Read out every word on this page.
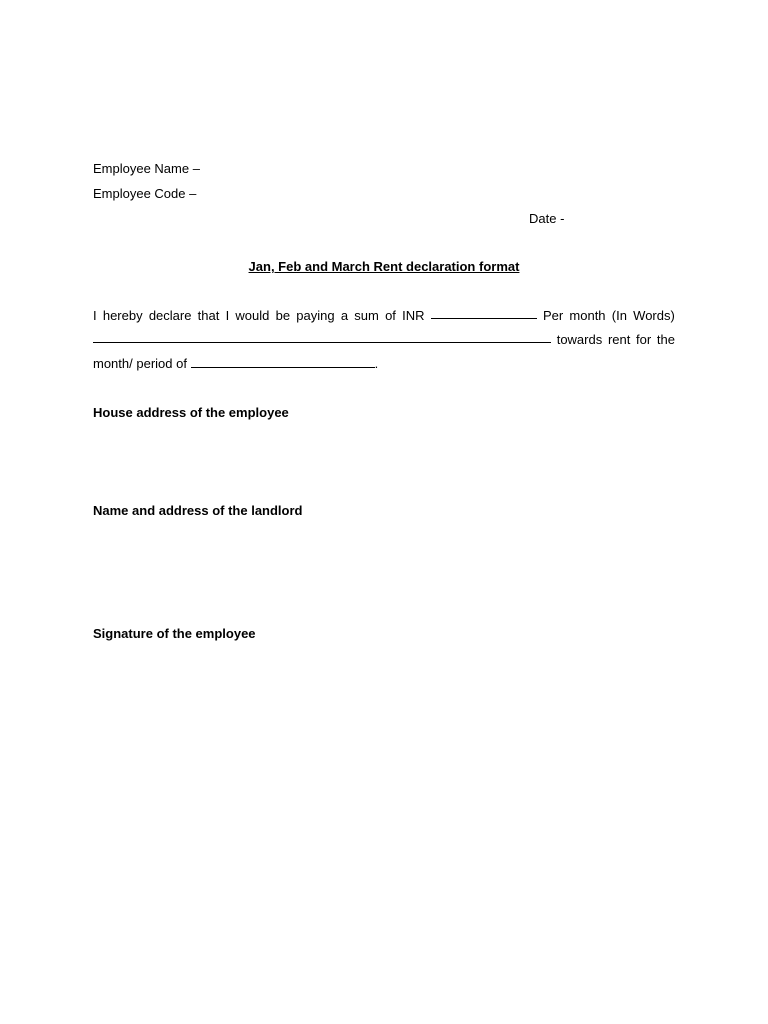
Employee Name –
Employee Code –
Date -
Jan, Feb and March Rent declaration format
I hereby declare that I would be paying a sum of INR	Per month (In Words)
towards rent for the
month/ period of	.
House address of the employee
Name and address of the landlord
Signature of the employee
